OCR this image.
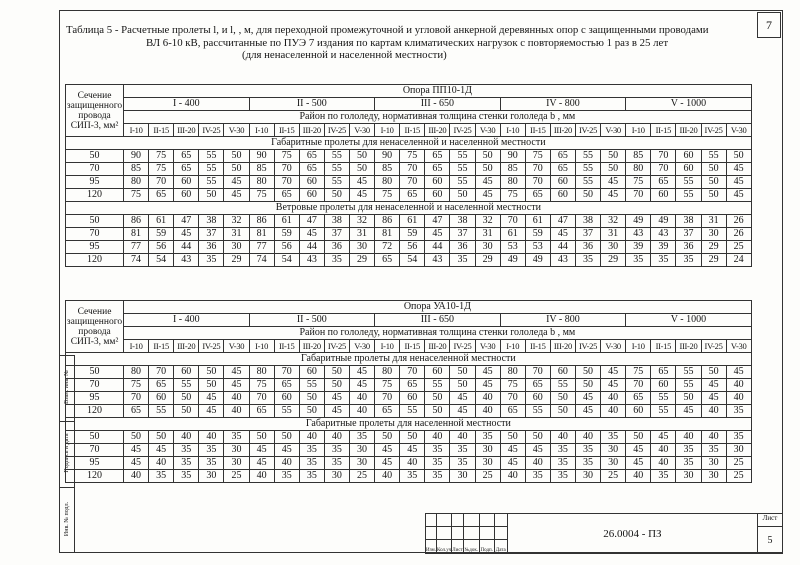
7
Взам. инв. №
Подпись и дата
Инв. № подл.
Таблица 5 - Расчетные пролеты l, и l, , м, для переходной промежуточной и угловой анкерной деревянных опор с защищенными проводами
ВЛ 6-10 кВ, рассчитанные по ПУЭ 7 издания по картам климатических нагрузок с повторяемостью 1 раз в 25 лет
(для ненаселенной и населенной местности)
Сечение защищенного провода СИП-3, мм²	Опора ПП10-1Д																								
	I - 400					II - 500					III - 650					IV - 800					V - 1000				
	Район по гололеду, нормативная толщина стенки гололеда b , мм																								
	I-10	II-15	III-20	IV-25	V-30	I-10	II-15	III-20	IV-25	V-30	I-10	II-15	III-20	IV-25	V-30	I-10	II-15	III-20	IV-25	V-30	I-10	II-15	III-20	IV-25	V-30
Габаритные пролеты для ненаселенной и населенной местности																									
50	90	75	65	55	50	90	75	65	55	50	90	75	65	55	50	90	75	65	55	50	85	70	60	55	50
70	85	75	65	55	50	85	70	65	55	50	85	70	65	55	50	85	70	65	55	50	80	70	60	50	45
95	80	70	60	55	45	80	70	60	55	45	80	70	60	55	45	80	70	60	55	45	75	65	55	50	45
120	75	65	60	50	45	75	65	60	50	45	75	65	60	50	45	75	65	60	50	45	70	60	55	50	45
Ветровые пролеты для ненаселенной и населенной местности																									
50	86	61	47	38	32	86	61	47	38	32	86	61	47	38	32	70	61	47	38	32	49	49	38	31	26
70	81	59	45	37	31	81	59	45	37	31	81	59	45	37	31	61	59	45	37	31	43	43	37	30	26
95	77	56	44	36	30	77	56	44	36	30	72	56	44	36	30	53	53	44	36	30	39	39	36	29	25
120	74	54	43	35	29	74	54	43	35	29	65	54	43	35	29	49	49	43	35	29	35	35	35	29	24
Сечение защищенного провода СИП-3, мм²	Опора УА10-1Д																								
	I - 400					II - 500					III - 650					IV - 800					V - 1000				
	Район по гололеду, нормативная толщина стенки гололеда b , мм																								
	I-10	II-15	III-20	IV-25	V-30	I-10	II-15	III-20	IV-25	V-30	I-10	II-15	III-20	IV-25	V-30	I-10	II-15	III-20	IV-25	V-30	I-10	II-15	III-20	IV-25	V-30
Габаритные пролеты для ненаселенной местности																									
50	80	70	60	50	45	80	70	60	50	45	80	70	60	50	45	80	70	60	50	45	75	65	55	50	45
70	75	65	55	50	45	75	65	55	50	45	75	65	55	50	45	75	65	55	50	45	70	60	55	45	40
95	70	60	50	45	40	70	60	50	45	40	70	60	50	45	40	70	60	50	45	40	65	55	50	45	40
120	65	55	50	45	40	65	55	50	45	40	65	55	50	45	40	65	55	50	45	40	60	55	45	40	35
Габаритные пролеты для населенной местности																									
50	50	50	40	40	35	50	50	40	40	35	50	50	40	40	35	50	50	40	40	35	50	45	40	40	35
70	45	45	35	35	30	45	45	35	35	30	45	45	35	35	30	45	45	35	35	30	45	40	35	35	30
95	45	40	35	35	30	45	40	35	35	30	45	40	35	35	30	45	40	35	35	30	45	40	35	30	25
120	40	35	35	30	25	40	35	35	30	25	40	35	35	30	25	40	35	35	30	25	40	35	30	30	25
						26.0004 - ПЗ	Лист
							5
Изм.	Кол.уч	Лист	№док.	Подп.	Дата		
